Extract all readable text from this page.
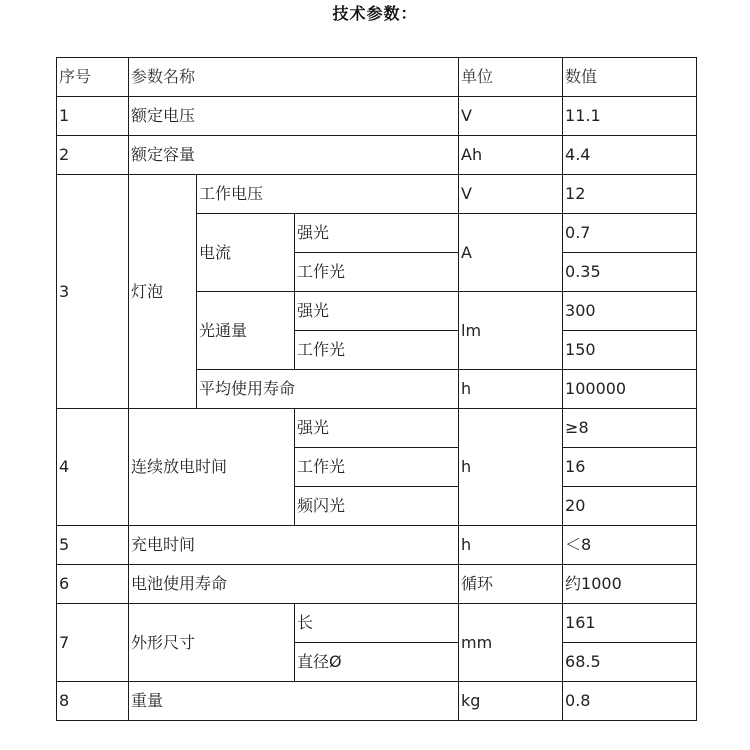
技术参数：
序号	参数名称			单位	数值
1	额定电压			V	11.1
2	额定容量			Ah	4.4
3	灯泡	工作电压		V	12
		电流	强光	A	0.7
			工作光		0.35
		光通量	强光	lm	300
			工作光		150
		平均使用寿命		h	100000
4	连续放电时间		强光	h	≥8
			工作光		16
			频闪光		20
5	充电时间			h	＜8
6	电池使用寿命			循环	约1000
7	外形尺寸		长	mm	161
			直径Ø		68.5
8	重量			kg	0.8
